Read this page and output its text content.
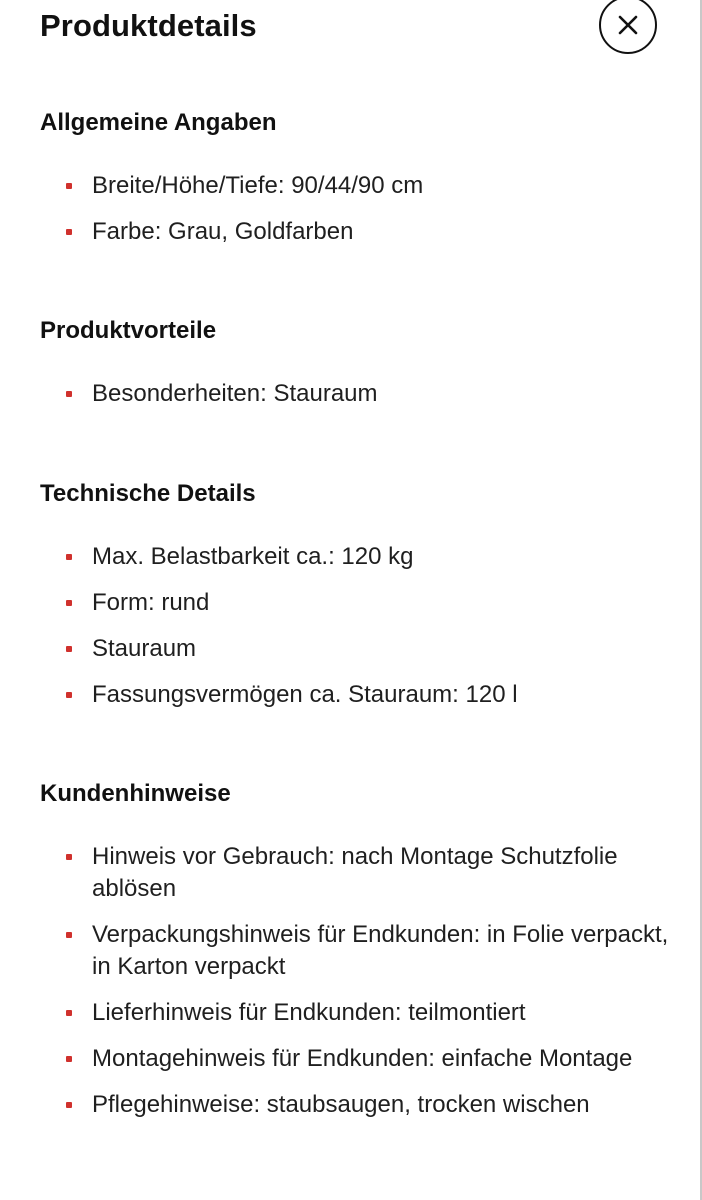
Produktdetails
Allgemeine Angaben
Breite/Höhe/Tiefe: 90/44/90 cm
Farbe: Grau, Goldfarben
Produktvorteile
Besonderheiten: Stauraum
Technische Details
Max. Belastbarkeit ca.: 120 kg
Form: rund
Stauraum
Fassungsvermögen ca. Stauraum: 120 l
Kundenhinweise
Hinweis vor Gebrauch: nach Montage Schutzfolie ablösen
Verpackungshinweis für Endkunden: in Folie verpackt, in Karton verpackt
Lieferhinweis für Endkunden: teilmontiert
Montagehinweis für Endkunden: einfache Montage
Pflegehinweise: staubsaugen, trocken wischen
